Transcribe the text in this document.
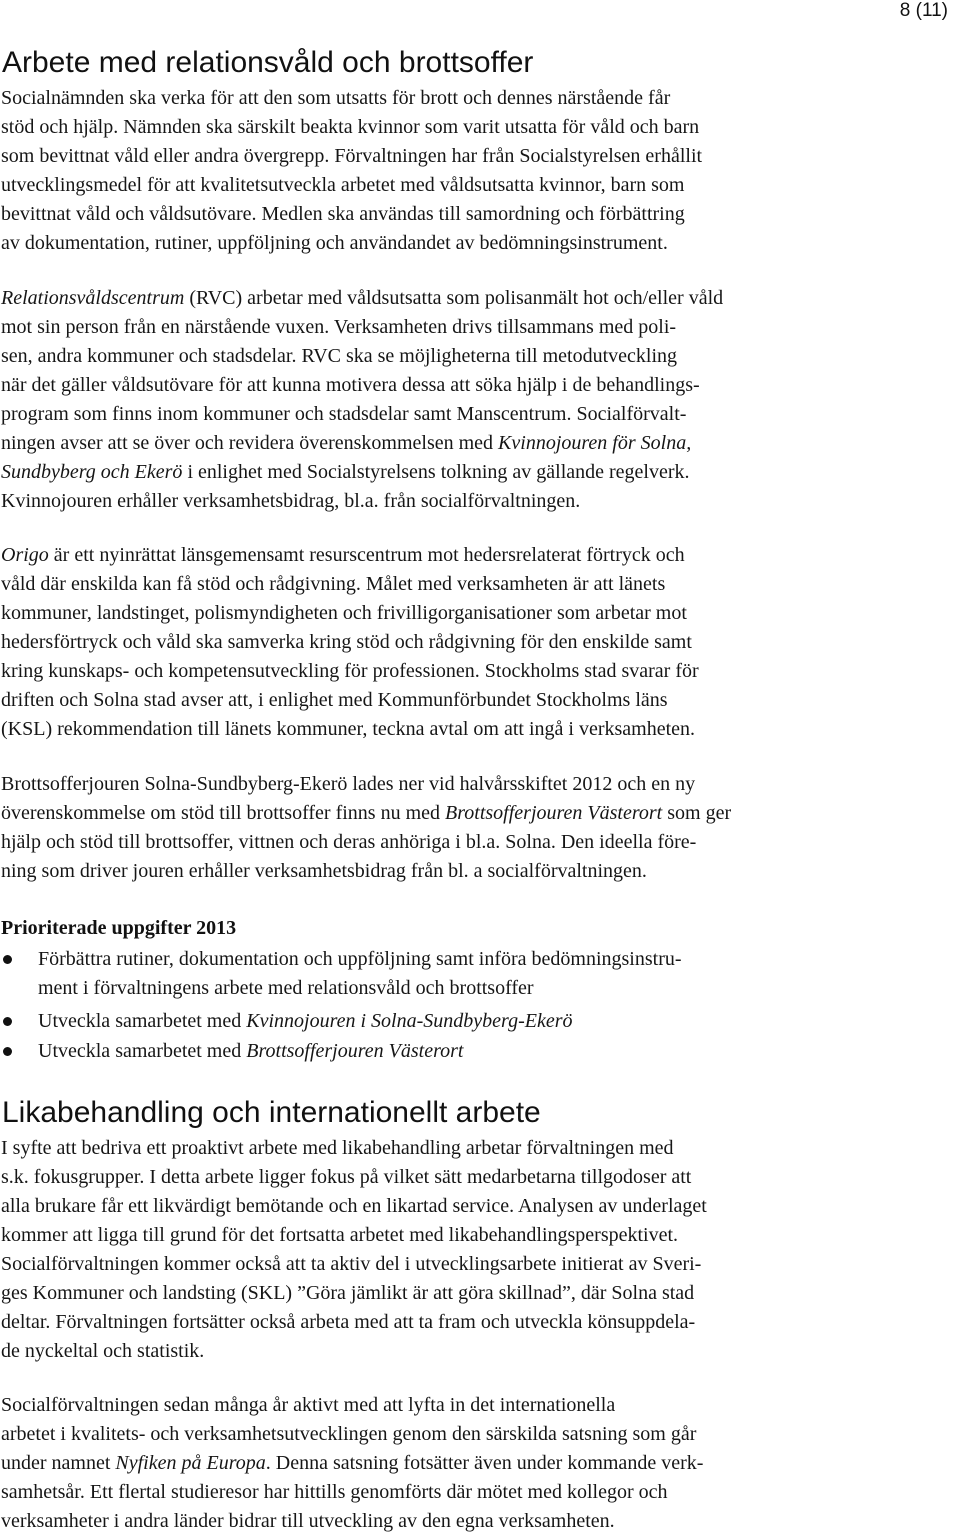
8 (11)
Arbete med relationsvåld och brottsoffer
Socialnämnden ska verka för att den som utsatts för brott och dennes närstående får
stöd och hjälp. Nämnden ska särskilt beakta kvinnor som varit utsatta för våld och barn
som bevittnat våld eller andra övergrepp. Förvaltningen har från Socialstyrelsen erhållit
utvecklingsmedel för att kvalitetsutveckla arbetet med våldsutsatta kvinnor, barn som
bevittnat våld och våldsutövare. Medlen ska användas till samordning och förbättring
av dokumentation, rutiner, uppföljning och användandet av bedömningsinstrument.
Relationsvåldscentrum (RVC) arbetar med våldsutsatta som polisanmält hot och/eller våld
mot sin person från en närstående vuxen. Verksamheten drivs tillsammans med poli-
sen, andra kommuner och stadsdelar. RVC ska se möjligheterna till metodutveckling
när det gäller våldsutövare för att kunna motivera dessa att söka hjälp i de behandlings-
program som finns inom kommuner och stadsdelar samt Manscentrum. Socialförvalt-
ningen avser att se över och revidera överenskommelsen med Kvinnojouren för Solna,
Sundbyberg och Ekerö i enlighet med Socialstyrelsens tolkning av gällande regelverk.
Kvinnojouren erhåller verksamhetsbidrag, bl.a. från socialförvaltningen.
Origo är ett nyinrättat länsgemensamt resurscentrum mot hedersrelaterat förtryck och
våld där enskilda kan få stöd och rådgivning. Målet med verksamheten är att länets
kommuner, landstinget, polismyndigheten och frivilligorganisationer som arbetar mot
hedersförtryck och våld ska samverka kring stöd och rådgivning för den enskilde samt
kring kunskaps- och kompetensutveckling för professionen. Stockholms stad svarar för
driften och Solna stad avser att, i enlighet med Kommunförbundet Stockholms läns
(KSL) rekommendation till länets kommuner, teckna avtal om att ingå i verksamheten.
Brottsofferjouren Solna-Sundbyberg-Ekerö lades ner vid halvårsskiftet 2012 och en ny
överenskommelse om stöd till brottsoffer finns nu med Brottsofferjouren Västerort som ger
hjälp och stöd till brottsoffer, vittnen och deras anhöriga i bl.a. Solna. Den ideella före-
ning som driver jouren erhåller verksamhetsbidrag från bl. a socialförvaltningen.
Prioriterade uppgifter 2013
Förbättra rutiner, dokumentation och uppföljning samt införa bedömningsinstru-
ment i förvaltningens arbete med relationsvåld och brottsoffer
Utveckla samarbetet med Kvinnojouren i Solna-Sundbyberg-Ekerö
Utveckla samarbetet med Brottsofferjouren Västerort
Likabehandling och internationellt arbete
I syfte att bedriva ett proaktivt arbete med likabehandling arbetar förvaltningen med
s.k. fokusgrupper. I detta arbete ligger fokus på vilket sätt medarbetarna tillgodoser att
alla brukare får ett likvärdigt bemötande och en likartad service. Analysen av underlaget
kommer att ligga till grund för det fortsatta arbetet med likabehandlingsperspektivet.
Socialförvaltningen kommer också att ta aktiv del i utvecklingsarbete initierat av Sveri-
ges Kommuner och landsting (SKL) ”Göra jämlikt är att göra skillnad”, där Solna stad
deltar. Förvaltningen fortsätter också arbeta med att ta fram och utveckla könsuppdela-
de nyckeltal och statistik.
Socialförvaltningen sedan många år aktivt med att lyfta in det internationella
arbetet i kvalitets- och verksamhetsutvecklingen genom den särskilda satsning som går
under namnet Nyfiken på Europa. Denna satsning fotsätter även under kommande verk-
samhetsår. Ett flertal studieresor har hittills genomförts där mötet med kollegor och
verksamheter i andra länder bidrar till utveckling av den egna verksamheten.
